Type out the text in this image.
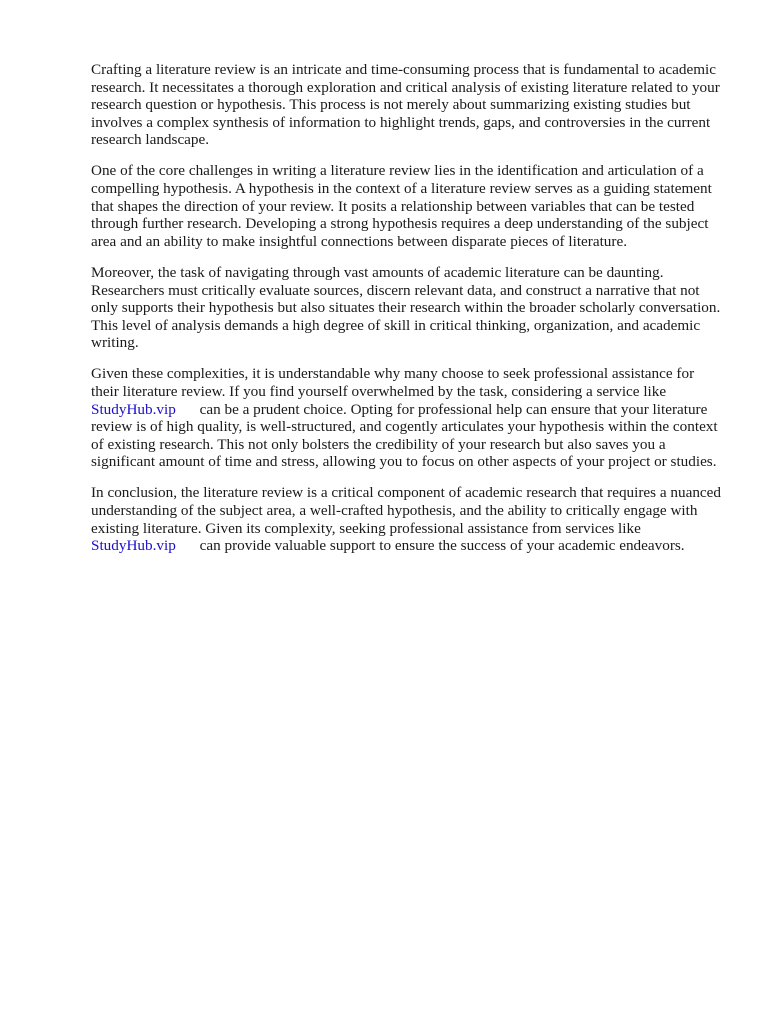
Crafting a literature review is an intricate and time-consuming process that is fundamental to academic research. It necessitates a thorough exploration and critical analysis of existing literature related to your research question or hypothesis. This process is not merely about summarizing existing studies but involves a complex synthesis of information to highlight trends, gaps, and controversies in the current research landscape.

One of the core challenges in writing a literature review lies in the identification and articulation of a compelling hypothesis. A hypothesis in the context of a literature review serves as a guiding statement that shapes the direction of your review. It posits a relationship between variables that can be tested through further research. Developing a strong hypothesis requires a deep understanding of the subject area and an ability to make insightful connections between disparate pieces of literature.

Moreover, the task of navigating through vast amounts of academic literature can be daunting. Researchers must critically evaluate sources, discern relevant data, and construct a narrative that not only supports their hypothesis but also situates their research within the broader scholarly conversation. This level of analysis demands a high degree of skill in critical thinking, organization, and academic writing.

Given these complexities, it is understandable why many choose to seek professional assistance for their literature review. If you find yourself overwhelmed by the task, considering a service like
StudyHub.vip can be a prudent choice. Opting for professional help can ensure that your literature review is of high quality, is well-structured, and cogently articulates your hypothesis within the context of existing research. This not only bolsters the credibility of your research but also saves you a significant amount of time and stress, allowing you to focus on other aspects of your project or studies.

In conclusion, the literature review is a critical component of academic research that requires a nuanced understanding of the subject area, a well-crafted hypothesis, and the ability to critically engage with existing literature. Given its complexity, seeking professional assistance from services like StudyHub.vip can provide valuable support to ensure the success of your academic endeavors.
